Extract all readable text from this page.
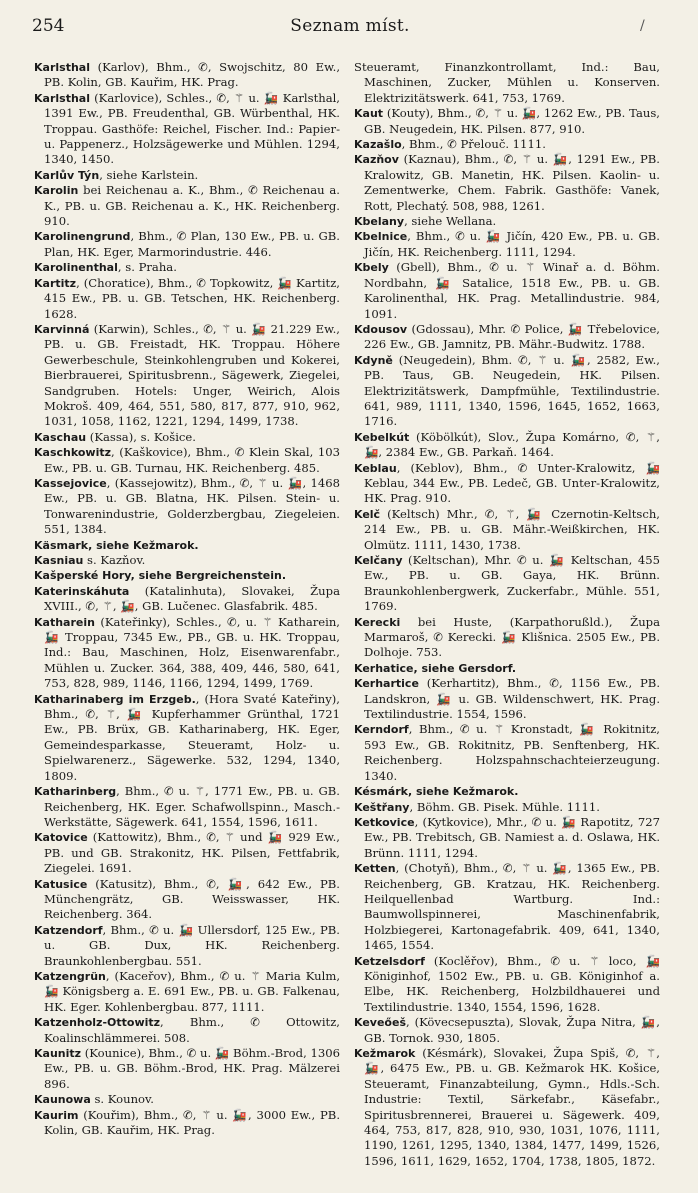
254	Seznam míst.	/

Karlsthal (Karlov), Bhm., ✆, Swojschitz, 80 Ew., PB. Kolin, GB. Kauřim, HK. Prag.

Karlsthal (Karlovice), Schles., ✆, ⚚ u. 🚂 Karlsthal, 1391 Ew., PB. Freudenthal, GB. Würbenthal, HK. Troppau. Gasthöfe: Reichel, Fischer. Ind.: Papier- u. Pappenerz., Holzsägewerke und Mühlen. 1294, 1340, 1450.

Karlův Týn, siehe Karlstein.

Karolin bei Reichenau a. K., Bhm., ✆ Reichenau a. K., PB. u. GB. Reichenau a. K., HK. Reichenberg. 910.

Karolinengrund, Bhm., ✆ Plan, 130 Ew., PB. u. GB. Plan, HK. Eger, Marmorindustrie. 446.

Karolinenthal, s. Praha.

Kartitz, (Choratice), Bhm., ✆ Topkowitz, 🚂 Kartitz, 415 Ew., PB. u. GB. Tetschen, HK. Reichenberg. 1628.

Karvinná (Karwin), Schles., ✆, ⚚ u. 🚂 21.229 Ew., PB. u. GB. Freistadt, HK. Troppau. Höhere Gewerbeschule, Steinkohlengruben und Kokerei, Bierbrauerei, Spiritusbrenn., Sägewerk, Ziegelei, Sandgruben. Hotels: Unger, Weirich, Alois Mokroš. 409, 464, 551, 580, 817, 877, 910, 962, 1031, 1058, 1162, 1221, 1294, 1499, 1738.

Kaschau (Kassa), s. Košice.

Kaschkowitz, (Kaškovice), Bhm., ✆ Klein Skal, 103 Ew., PB. u. GB. Turnau, HK. Reichenberg. 485.

Kassejovice, (Kassejowitz), Bhm., ✆, ⚚ u. 🚂, 1468 Ew., PB. u. GB. Blatna, HK. Pilsen. Stein- u. Tonwarenindustrie, Golderzbergbau, Ziegeleien. 551, 1384.

Käsmark, siehe Kežmarok.

Kasniau s. Kazňov.

Kašperské Hory, siehe Bergreichenstein.

Katerinskáhuta (Katalinhuta), Slovakei, Župa XVIII., ✆, ⚚, 🚂, GB. Lučenec. Glasfabrik. 485.

Katharein (Kateřinky), Schles., ✆, u. ⚚ Katharein, 🚂 Troppau, 7345 Ew., PB., GB. u. HK. Troppau, Ind.: Bau, Maschinen, Holz, Eisenwarenfabr., Mühlen u. Zucker. 364, 388, 409, 446, 580, 641, 753, 828, 989, 1146, 1166, 1294, 1499, 1769.

Katharinaberg im Erzgeb., (Hora Svaté Kateřiny), Bhm., ✆, ⚚, 🚂 Kupferhammer Grünthal, 1721 Ew., PB. Brüx, GB. Katharinaberg, HK. Eger, Gemeindesparkasse, Steueramt, Holz- u. Spielwarenerz., Sägewerke. 532, 1294, 1340, 1809.

Katharinberg, Bhm., ✆ u. ⚚, 1771 Ew., PB. u. GB. Reichenberg, HK. Eger. Schafwollspinn., Masch.-Werkstätte, Sägewerk. 641, 1554, 1596, 1611.

Katovice (Kattowitz), Bhm., ✆, ⚚ und 🚂 929 Ew., PB. und GB. Strakonitz, HK. Pilsen, Fettfabrik, Ziegelei. 1691.

Katusice (Katusitz), Bhm., ✆, 🚂, 642 Ew., PB. Münchengrätz, GB. Weisswasser, HK. Reichenberg. 364.

Katzendorf, Bhm., ✆ u. 🚂 Ullersdorf, 125 Ew., PB. u. GB. Dux, HK. Reichenberg. Braunkohlenbergbau. 551.

Katzengrün, (Kaceřov), Bhm., ✆ u. ⚚ Maria Kulm, 🚂 Königsberg a. E. 691 Ew., PB. u. GB. Falkenau, HK. Eger. Kohlenbergbau. 877, 1111.

Katzenholz-Ottowitz, Bhm., ✆ Ottowitz, Koalinschlämmerei. 508.

Kaunitz (Kounice), Bhm., ✆ u. 🚂 Böhm.-Brod, 1306 Ew., PB. u. GB. Böhm.-Brod, HK. Prag. Mälzerei 896.

Kaunowa s. Kounov.

Kaurim (Kouřim), Bhm., ✆, ⚚ u. 🚂, 3000 Ew., PB. Kolin, GB. Kauřim, HK. Prag.

Steueramt, Finanzkontrollamt, Ind.: Bau, Maschinen, Zucker, Mühlen u. Konserven. Elektrizitätswerk. 641, 753, 1769.

Kaut (Kouty), Bhm., ✆, ⚚ u. 🚂, 1262 Ew., PB. Taus, GB. Neugedein, HK. Pilsen. 877, 910.

Kazašlo, Bhm., ✆ Přelouč. 1111.

Kazňov (Kaznau), Bhm., ✆, ⚚ u. 🚂, 1291 Ew., PB. Kralowitz, GB. Manetin, HK. Pilsen. Kaolin- u. Zementwerke, Chem. Fabrik. Gasthöfe: Vanek, Rott, Plechatý. 508, 988, 1261.

Kbelany, siehe Wellana.

Kbelnice, Bhm., ✆ u. 🚂 Jičín, 420 Ew., PB. u. GB. Jičín, HK. Reichenberg. 1111, 1294.

Kbely (Gbell), Bhm., ✆ u. ⚚ Winař a. d. Böhm. Nordbahn, 🚂 Satalice, 1518 Ew., PB. u. GB. Karolinenthal, HK. Prag. Metallindustrie. 984, 1091.

Kdousov (Gdossau), Mhr. ✆ Police, 🚂 Třebelovice, 226 Ew., GB. Jamnitz, PB. Mähr.-Budwitz. 1788.

Kdyně (Neugedein), Bhm. ✆, ⚚ u. 🚂, 2582, Ew., PB. Taus, GB. Neugedein, HK. Pilsen. Elektrizitätswerk, Dampfmühle, Textilindustrie. 641, 989, 1111, 1340, 1596, 1645, 1652, 1663, 1716.

Kebelkút (Köbölkút), Slov., Župa Komárno, ✆, ⚚, 🚂, 2384 Ew., GB. Parkaň. 1464.

Keblau, (Keblov), Bhm., ✆ Unter-Kralowitz, 🚂 Keblau, 344 Ew., PB. Ledeč, GB. Unter-Kralowitz, HK. Prag. 910.

Kelč (Keltsch) Mhr., ✆, ⚚, 🚂 Czernotin-Keltsch, 214 Ew., PB. u. GB. Mähr.-Weißkirchen, HK. Olmütz. 1111, 1430, 1738.

Kelčany (Keltschan), Mhr. ✆ u. 🚂 Keltschan, 455 Ew., PB. u. GB. Gaya, HK. Brünn. Braunkohlenbergwerk, Zuckerfabr., Mühle. 551, 1769.

Kerecki bei Huste, (Karpathorußld.), Župa Marmaroš, ✆ Kerecki. 🚂 Klišnica. 2505 Ew., PB. Dolhoje. 753.

Kerhatice, siehe Gersdorf.

Kerhartice (Kerhartitz), Bhm., ✆, 1156 Ew., PB. Landskron, 🚂 u. GB. Wildenschwert, HK. Prag. Textilindustrie. 1554, 1596.

Kerndorf, Bhm., ✆ u. ⚚ Kronstadt, 🚂 Rokitnitz, 593 Ew., GB. Rokitnitz, PB. Senftenberg, HK. Reichenberg. Holzspahnschachteierzeugung. 1340.

Késmárk, siehe Kežmarok.

Keštřany, Böhm. GB. Pisek. Mühle. 1111.

Ketkovice, (Kytkovice), Mhr., ✆ u. 🚂 Rapotitz, 727 Ew., PB. Trebitsch, GB. Namiest a. d. Oslawa, HK. Brünn. 1111, 1294.

Ketten, (Chotyň), Bhm., ✆, ⚚ u. 🚂, 1365 Ew., PB. Reichenberg, GB. Kratzau, HK. Reichenberg. Heilquellenbad Wartburg. Ind.: Baumwollspinnerei, Maschinenfabrik, Holzbiegerei, Kartonagefabrik. 409, 641, 1340, 1465, 1554.

Ketzelsdorf (Koclěřov), Bhm., ✆ u. ⚚ loco, 🚂 Königinhof, 1502 Ew., PB. u. GB. Königinhof a. Elbe, HK. Reichenberg, Holzbildhauerei und Textilindustrie. 1340, 1554, 1596, 1628.

Keveőeš, (Kövecsepuszta), Slovak, Župa Nitra, 🚂, GB. Tornok. 930, 1805.

Kežmarok (Késmárk), Slovakei, Župa Spiš, ✆, ⚚, 🚂, 6475 Ew., PB. u. GB. Kežmarok HK. Košice, Steueramt, Finanzabteilung, Gymn., Hdls.-Sch. Industrie: Textil, Särkefabr., Käsefabr., Spiritusbrennerei, Brauerei u. Sägewerk. 409, 464, 753, 817, 828, 910, 930, 1031, 1076, 1111, 1190, 1261, 1295, 1340, 1384, 1477, 1499, 1526, 1596, 1611, 1629, 1652, 1704, 1738, 1805, 1872.
